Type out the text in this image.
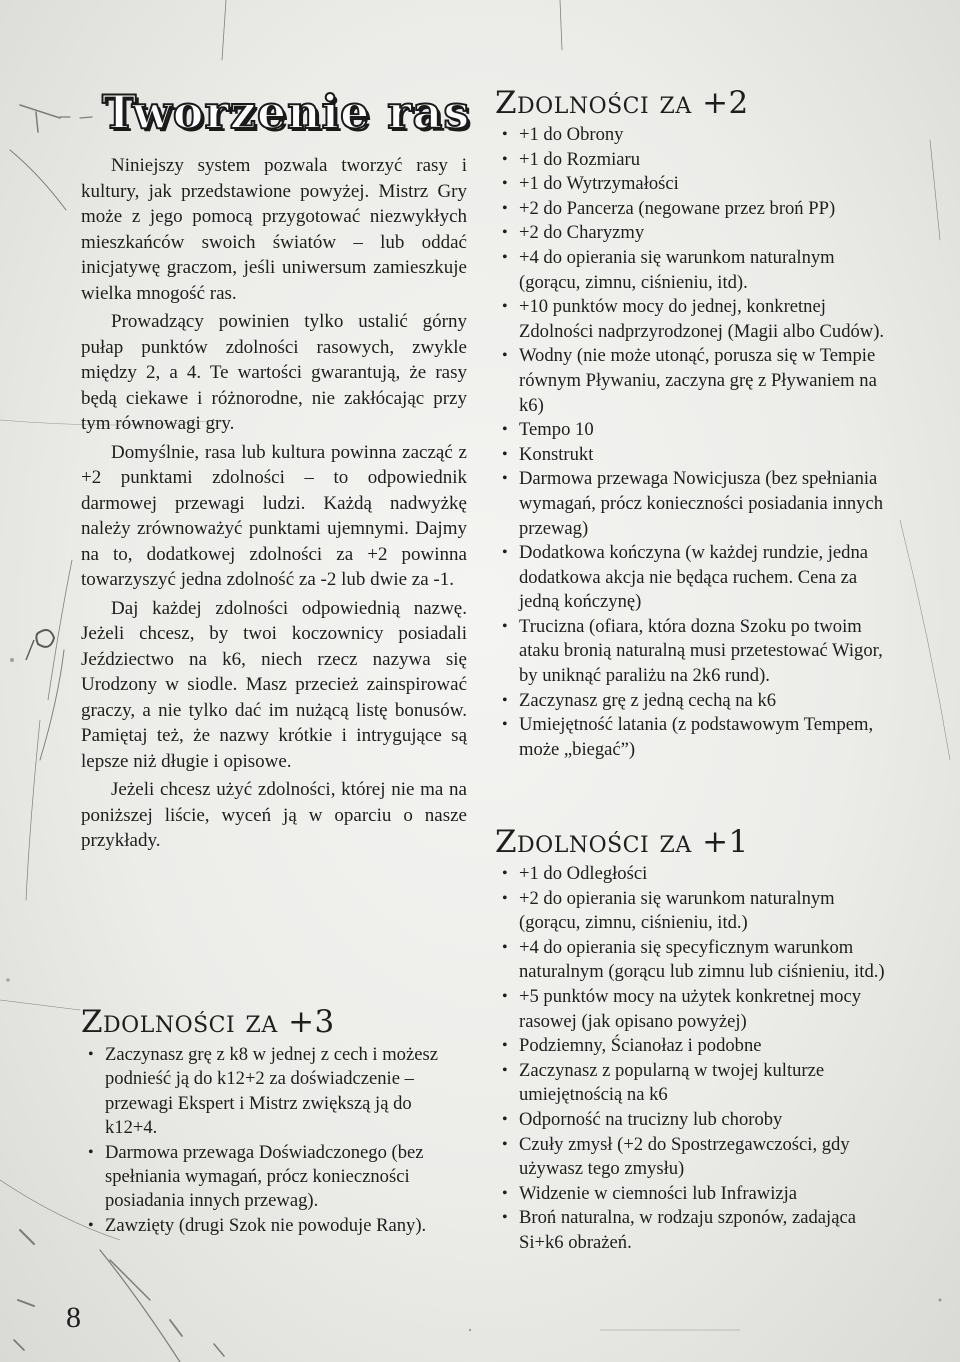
Tworzenie ras

Niniejszy system pozwala tworzyć rasy i kultury, jak przedstawione powyżej. Mistrz Gry może z jego pomocą przygotować niezwykłych mieszkańców swoich światów – lub oddać inicjatywę graczom, jeśli uniwersum zamieszkuje wielka mnogość ras.

Prowadzący powinien tylko ustalić górny pułap punktów zdolności rasowych, zwykle między 2, a 4. Te wartości gwarantują, że rasy będą ciekawe i różnorodne, nie zakłócając przy tym równowagi gry.

Domyślnie, rasa lub kultura powinna zacząć z +2 punktami zdolności – to odpowiednik darmowej przewagi ludzi. Każdą nadwyżkę należy zrównoważyć punktami ujemnymi. Dajmy na to, dodatkowej zdolności za +2 powinna towarzyszyć jedna zdolność za -2 lub dwie za -1.

Daj każdej zdolności odpowiednią nazwę. Jeżeli chcesz, by twoi koczownicy posiadali Jeździectwo na k6, niech rzecz nazywa się Urodzony w siodle. Masz przecież zainspirować graczy, a nie tylko dać im nużącą listę bonusów. Pamiętaj też, że nazwy krótkie i intrygujące są lepsze niż długie i opisowe.

Jeżeli chcesz użyć zdolności, której nie ma na poniższej liście, wyceń ją w oparciu o nasze przykłady.

Zdolności za +3
• Zaczynasz grę z k8 w jednej z cech i możesz podnieść ją do k12+2 za doświadczenie – przewagi Ekspert i Mistrz zwiększą ją do k12+4.
• Darmowa przewaga Doświadczonego (bez spełniania wymagań, prócz konieczności posiadania innych przewag).
• Zawzięty (drugi Szok nie powoduje Rany).
Zdolności za +2
• +1 do Obrony
• +1 do Rozmiaru
• +1 do Wytrzymałości
• +2 do Pancerza (negowane przez broń PP)
• +2 do Charyzmy
• +4 do opierania się warunkom naturalnym (gorącu, zimnu, ciśnieniu, itd).
• +10 punktów mocy do jednej, konkretnej Zdolności nadprzyrodzonej (Magii albo Cudów).
• Wodny (nie może utonąć, porusza się w Tempie równym Pływaniu, zaczyna grę z Pływaniem na k6)
• Tempo 10
• Konstrukt
• Darmowa przewaga Nowicjusza (bez spełniania wymagań, prócz konieczności posiadania innych przewag)
• Dodatkowa kończyna (w każdej rundzie, jedna dodatkowa akcja nie będąca ruchem. Cena za jedną kończynę)
• Trucizna (ofiara, która dozna Szoku po twoim ataku bronią naturalną musi przetestować Wigor, by uniknąć paraliżu na 2k6 rund).
• Zaczynasz grę z jedną cechą na k6
• Umiejętność latania (z podstawowym Tempem, może „biegać”)
Zdolności za +1
• +1 do Odległości
• +2 do opierania się warunkom naturalnym (gorącu, zimnu, ciśnieniu, itd.)
• +4 do opierania się specyficznym warunkom naturalnym (gorącu lub zimnu lub ciśnieniu, itd.)
• +5 punktów mocy na użytek konkretnej mocy rasowej (jak opisano powyżej)
• Podziemny, Ścianołaz i podobne
• Zaczynasz z popularną w twojej kulturze umiejętnością na k6
• Odporność na trucizny lub choroby
• Czuły zmysł (+2 do Spostrzegawczości, gdy używasz tego zmysłu)
• Widzenie w ciemności lub Infrawizja
• Broń naturalna, w rodzaju szponów, zadająca Si+k6 obrażeń.
8
